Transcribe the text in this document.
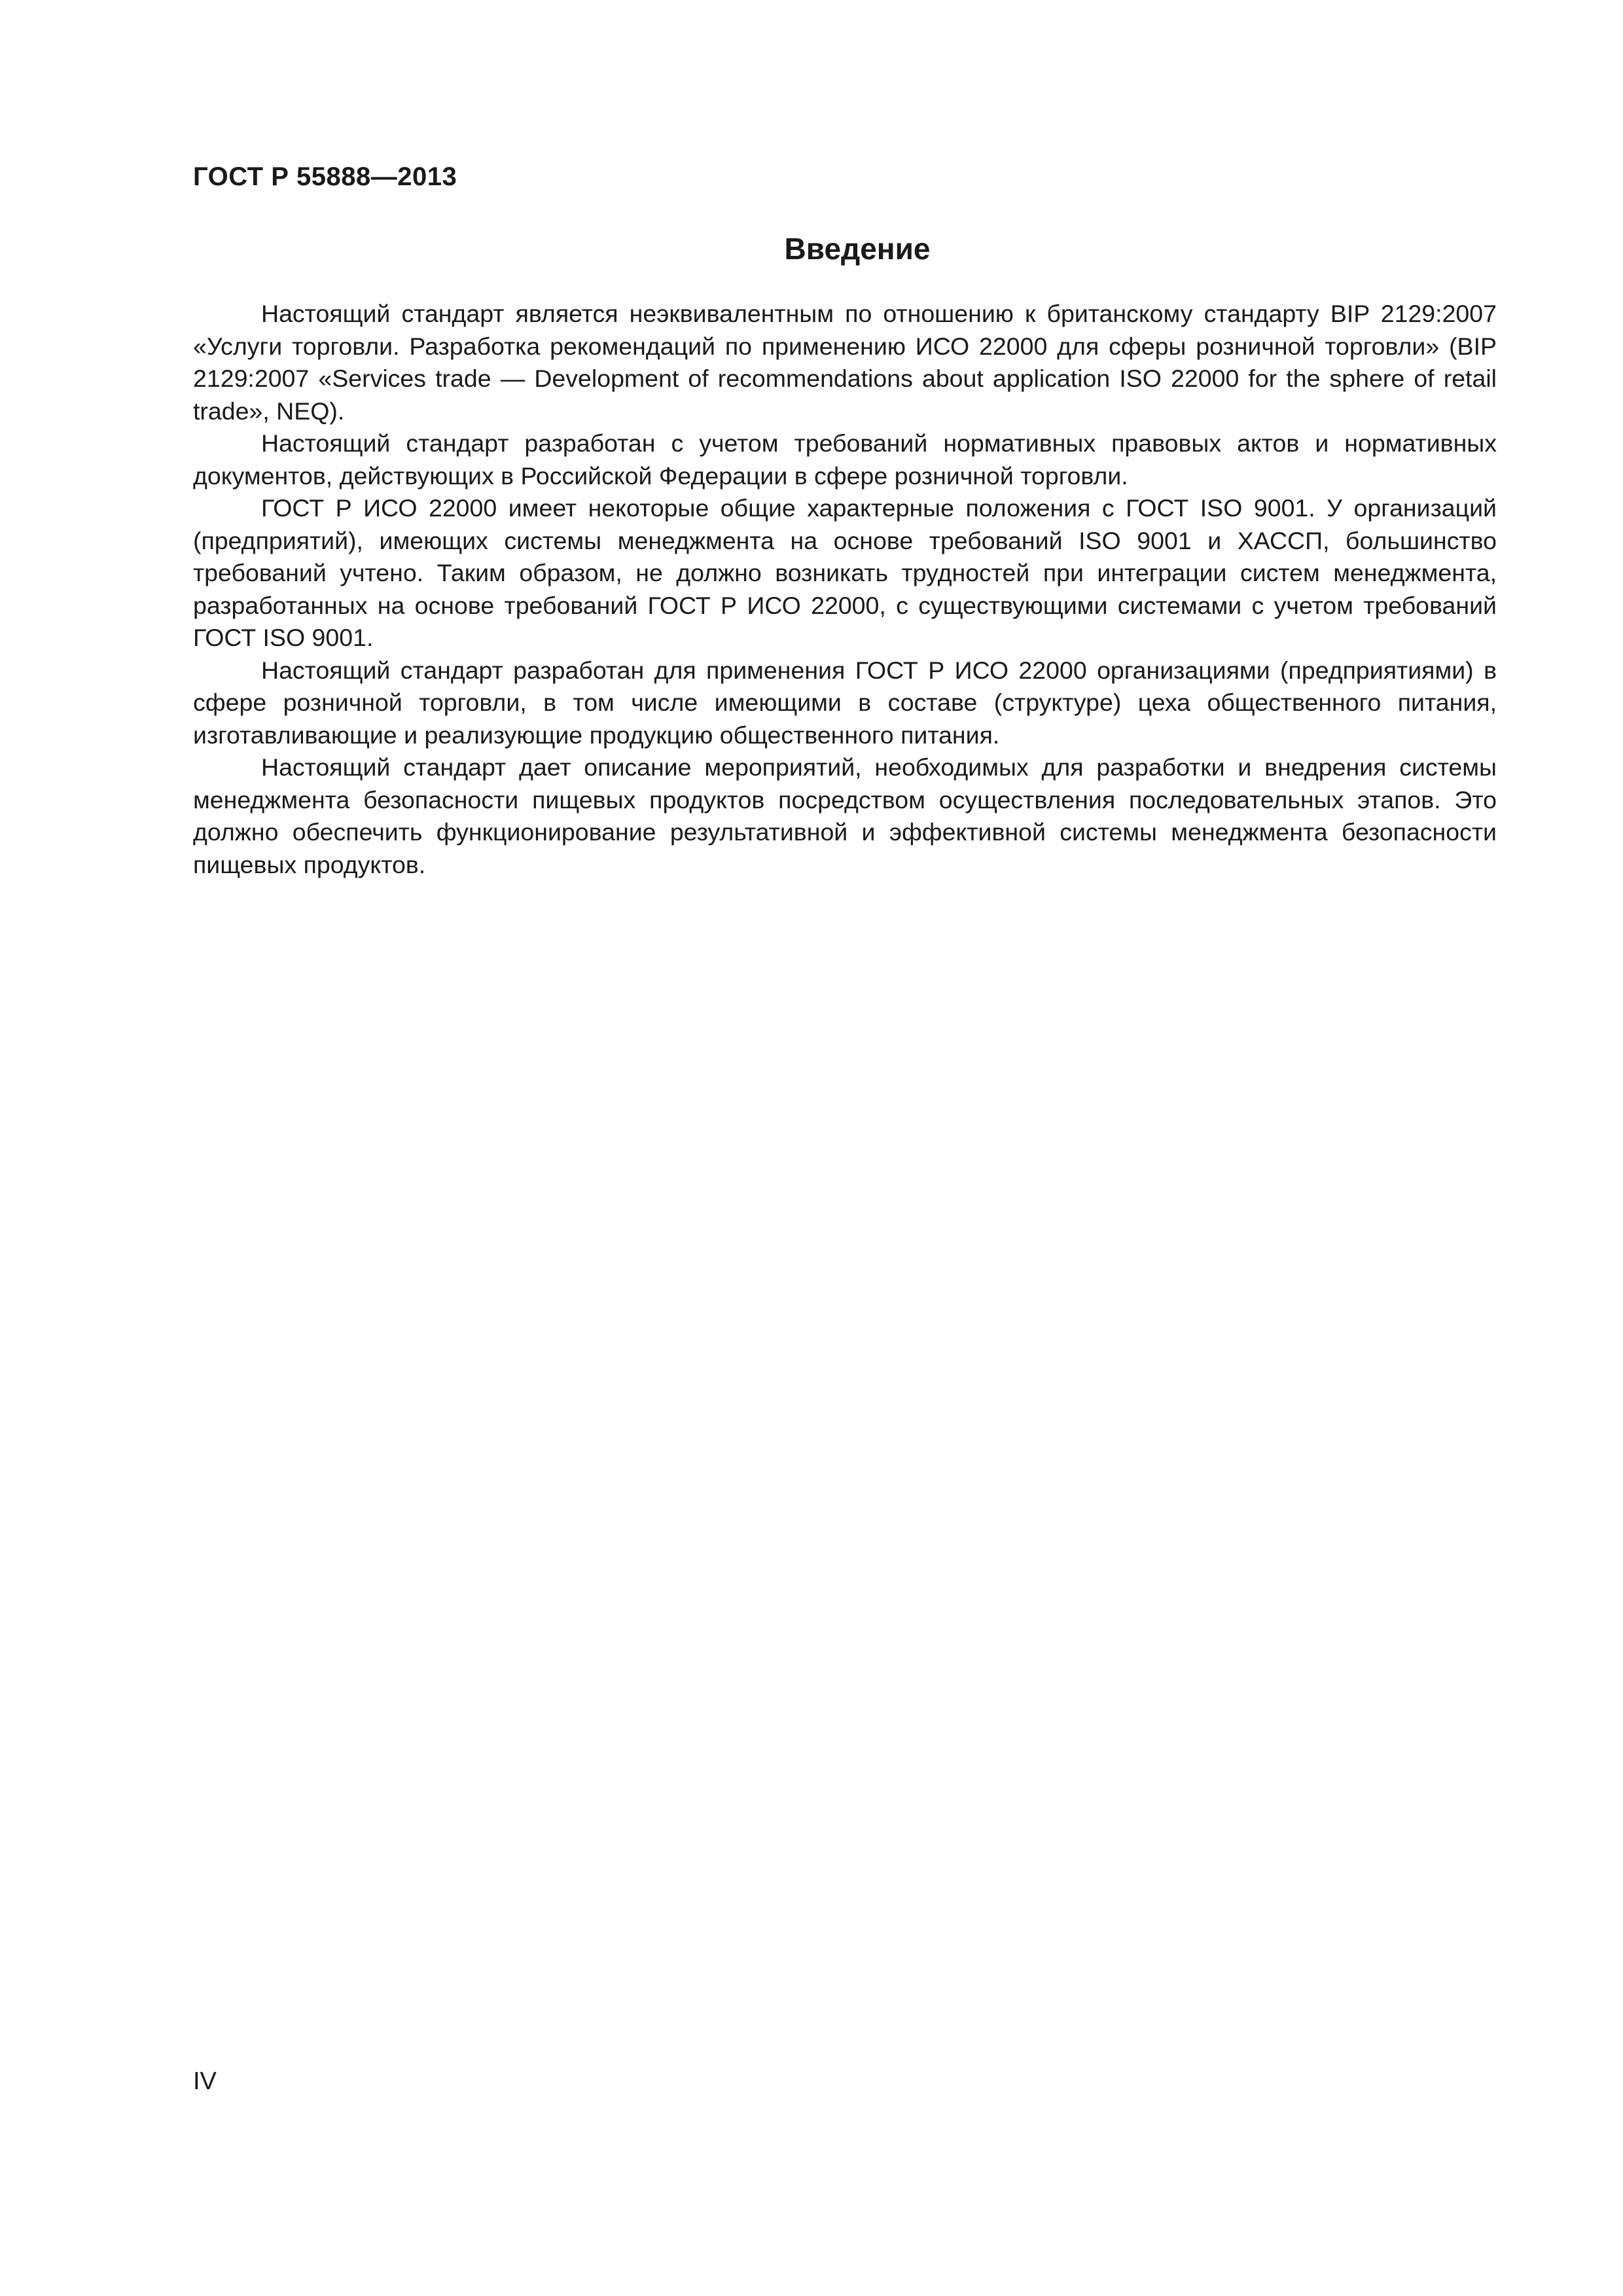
ГОСТ Р 55888—2013
Введение

Настоящий стандарт является неэквивалентным по отношению к британскому стандарту BIP 2129:2007 «Услуги торговли. Разработка рекомендаций по применению ИСО 22000 для сферы розничной торговли» (BIP 2129:2007 «Services trade — Development of recommendations about application ISO 22000 for the sphere of retail trade», NEQ).

Настоящий стандарт разработан с учетом требований нормативных правовых актов и нормативных документов, действующих в Российской Федерации в сфере розничной торговли.

ГОСТ Р ИСО 22000 имеет некоторые общие характерные положения с ГОСТ ISO 9001. У организаций (предприятий), имеющих системы менеджмента на основе требований ISO 9001 и ХАССП, большинство требований учтено. Таким образом, не должно возникать трудностей при интеграции систем менеджмента, разработанных на основе требований ГОСТ Р ИСО 22000, с существующими системами с учетом требований ГОСТ ISO 9001.

Настоящий стандарт разработан для применения ГОСТ Р ИСО 22000 организациями (предприятиями) в сфере розничной торговли, в том числе имеющими в составе (структуре) цеха общественного питания, изготавливающие и реализующие продукцию общественного питания.

Настоящий стандарт дает описание мероприятий, необходимых для разработки и внедрения системы менеджмента безопасности пищевых продуктов посредством осуществления последовательных этапов. Это должно обеспечить функционирование результативной и эффективной системы менеджмента безопасности пищевых продуктов.

IV
